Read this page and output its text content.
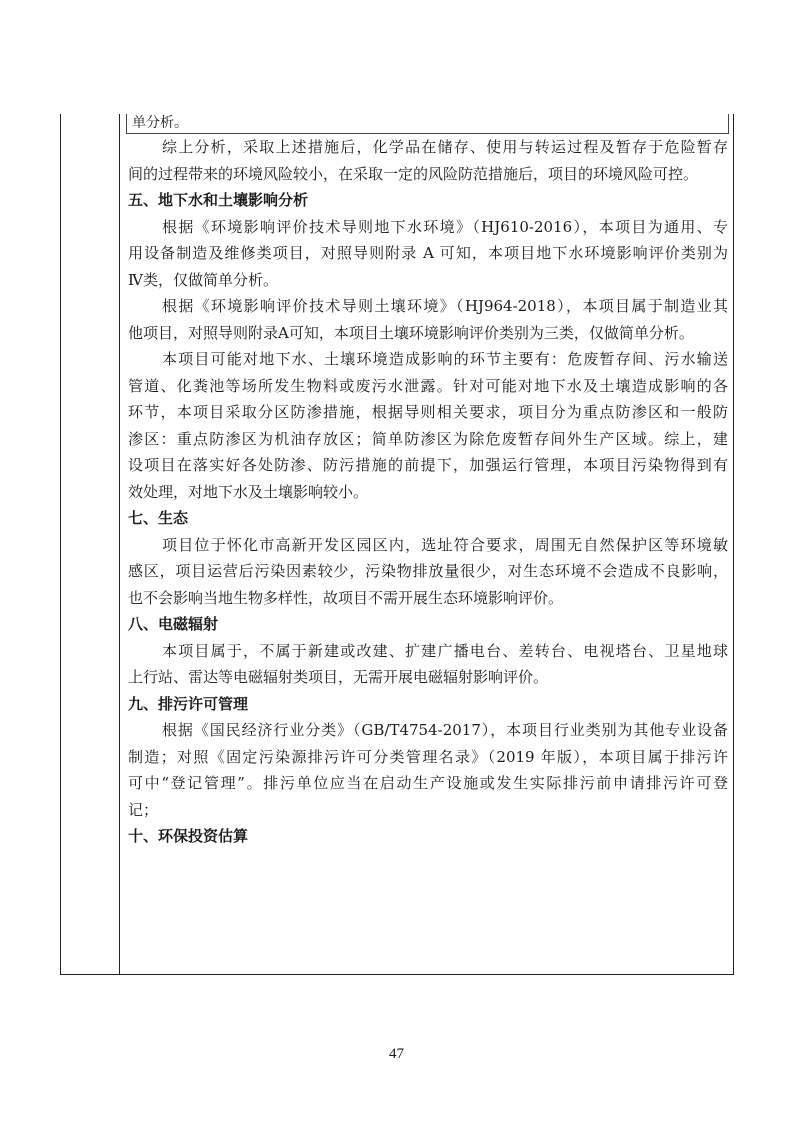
单分析。
综上分析，采取上述措施后，化学品在储存、使用与转运过程及暂存于危险暂存
间的过程带来的环境风险较小，在采取一定的风险防范措施后，项目的环境风险可控。
五、地下水和土壤影响分析
根据《环境影响评价技术导则地下水环境》（HJ610-2016），本项目为通用、专
用设备制造及维修类项目，对照导则附录 A 可知，本项目地下水环境影响评价类别为
Ⅳ类，仅做简单分析。
根据《环境影响评价技术导则土壤环境》（HJ964-2018），本项目属于制造业其
他项目，对照导则附录A可知，本项目土壤环境影响评价类别为三类，仅做简单分析。
本项目可能对地下水、土壤环境造成影响的环节主要有：危废暂存间、污水输送
管道、化粪池等场所发生物料或废污水泄露。针对可能对地下水及土壤造成影响的各
环节，本项目采取分区防渗措施，根据导则相关要求，项目分为重点防渗区和一般防
渗区：重点防渗区为机油存放区；简单防渗区为除危废暂存间外生产区域。综上，建
设项目在落实好各处防渗、防污措施的前提下，加强运行管理，本项目污染物得到有
效处理，对地下水及土壤影响较小。
七、生态
项目位于怀化市高新开发区园区内，选址符合要求，周围无自然保护区等环境敏
感区，项目运营后污染因素较少，污染物排放量很少，对生态环境不会造成不良影响，
也不会影响当地生物多样性，故项目不需开展生态环境影响评价。
八、电磁辐射
本项目属于，不属于新建或改建、扩建广播电台、差转台、电视塔台、卫星地球
上行站、雷达等电磁辐射类项目，无需开展电磁辐射影响评价。
九、排污许可管理
根据《国民经济行业分类》（GB/T4754-2017），本项目行业类别为其他专业设备
制造；对照《固定污染源排污许可分类管理名录》（2019 年版），本项目属于排污许
可中“登记管理”。排污单位应当在启动生产设施或发生实际排污前申请排污许可登
记；
十、环保投资估算
47
